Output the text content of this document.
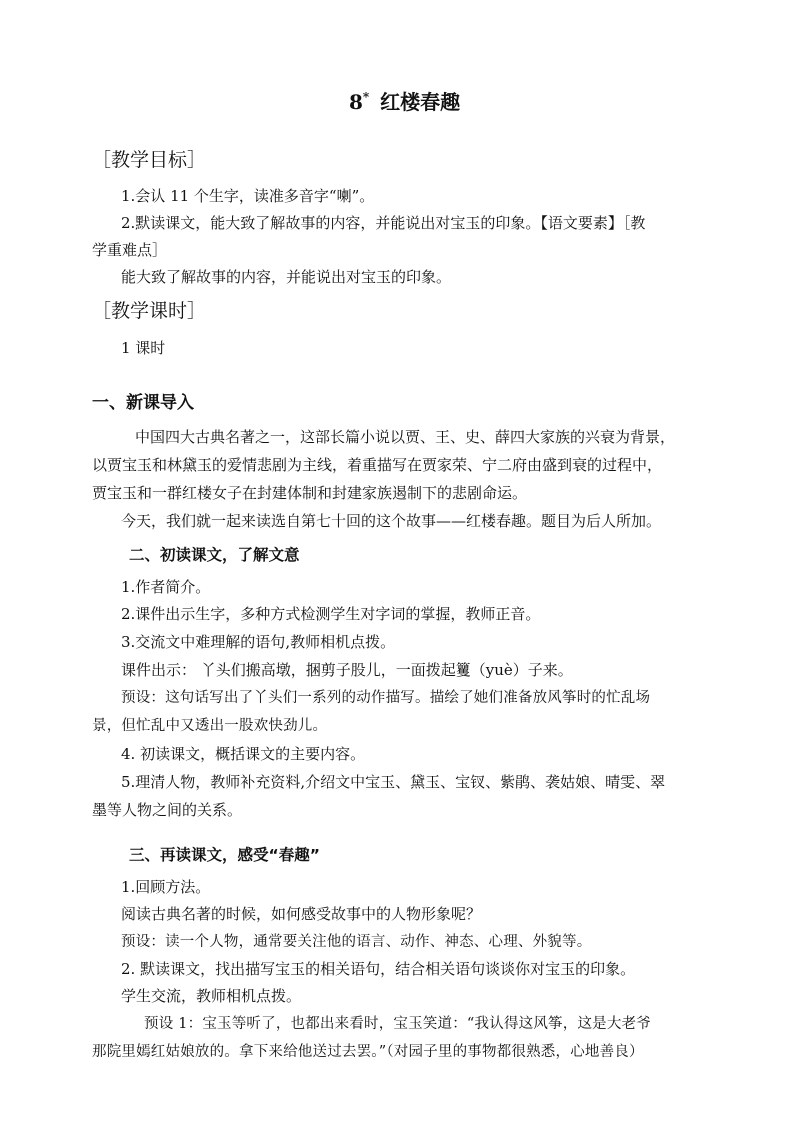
8* 红楼春趣
［教学目标］
1.会认 11 个生字，读准多音字“喇”。
2.默读课文，能大致了解故事的内容，并能说出对宝玉的印象。【语文要素】［教
学重难点］
能大致了解故事的内容，并能说出对宝玉的印象。
［教学课时］
1 课时
一、新课导入
中国四大古典名著之一，这部长篇小说以贾、王、史、薛四大家族的兴衰为背景，
以贾宝玉和林黛玉的爱情悲剧为主线，着重描写在贾家荣、宁二府由盛到衰的过程中，
贾宝玉和一群红楼女子在封建体制和封建家族遏制下的悲剧命运。
今天，我们就一起来读选自第七十回的这个故事——红楼春趣。题目为后人所加。
二、初读课文，了解文意
1.作者简介。
2.课件出示生字，多种方式检测学生对字词的掌握，教师正音。
3.交流文中难理解的语句,教师相机点拨。
课件出示： 丫头们搬高墩，捆剪子股儿，一面拨起籰（yuè）子来。
预设：这句话写出了丫头们一系列的动作描写。描绘了她们准备放风筝时的忙乱场
景，但忙乱中又透出一股欢快劲儿。
4. 初读课文，概括课文的主要内容。
5.理清人物，教师补充资料,介绍文中宝玉、黛玉、宝钗、紫鹃、袭姑娘、晴雯、翠
墨等人物之间的关系。
三、再读课文，感受“春趣”
1.回顾方法。
阅读古典名著的时候，如何感受故事中的人物形象呢？
预设：读一个人物，通常要关注他的语言、动作、神态、心理、外貌等。
2. 默读课文，找出描写宝玉的相关语句，结合相关语句谈谈你对宝玉的印象。
学生交流，教师相机点拨。
预设 1：宝玉等听了，也都出来看时，宝玉笑道：“我认得这风筝，这是大老爷
那院里嫣红姑娘放的。拿下来给他送过去罢。”（对园子里的事物都很熟悉，心地善良）
